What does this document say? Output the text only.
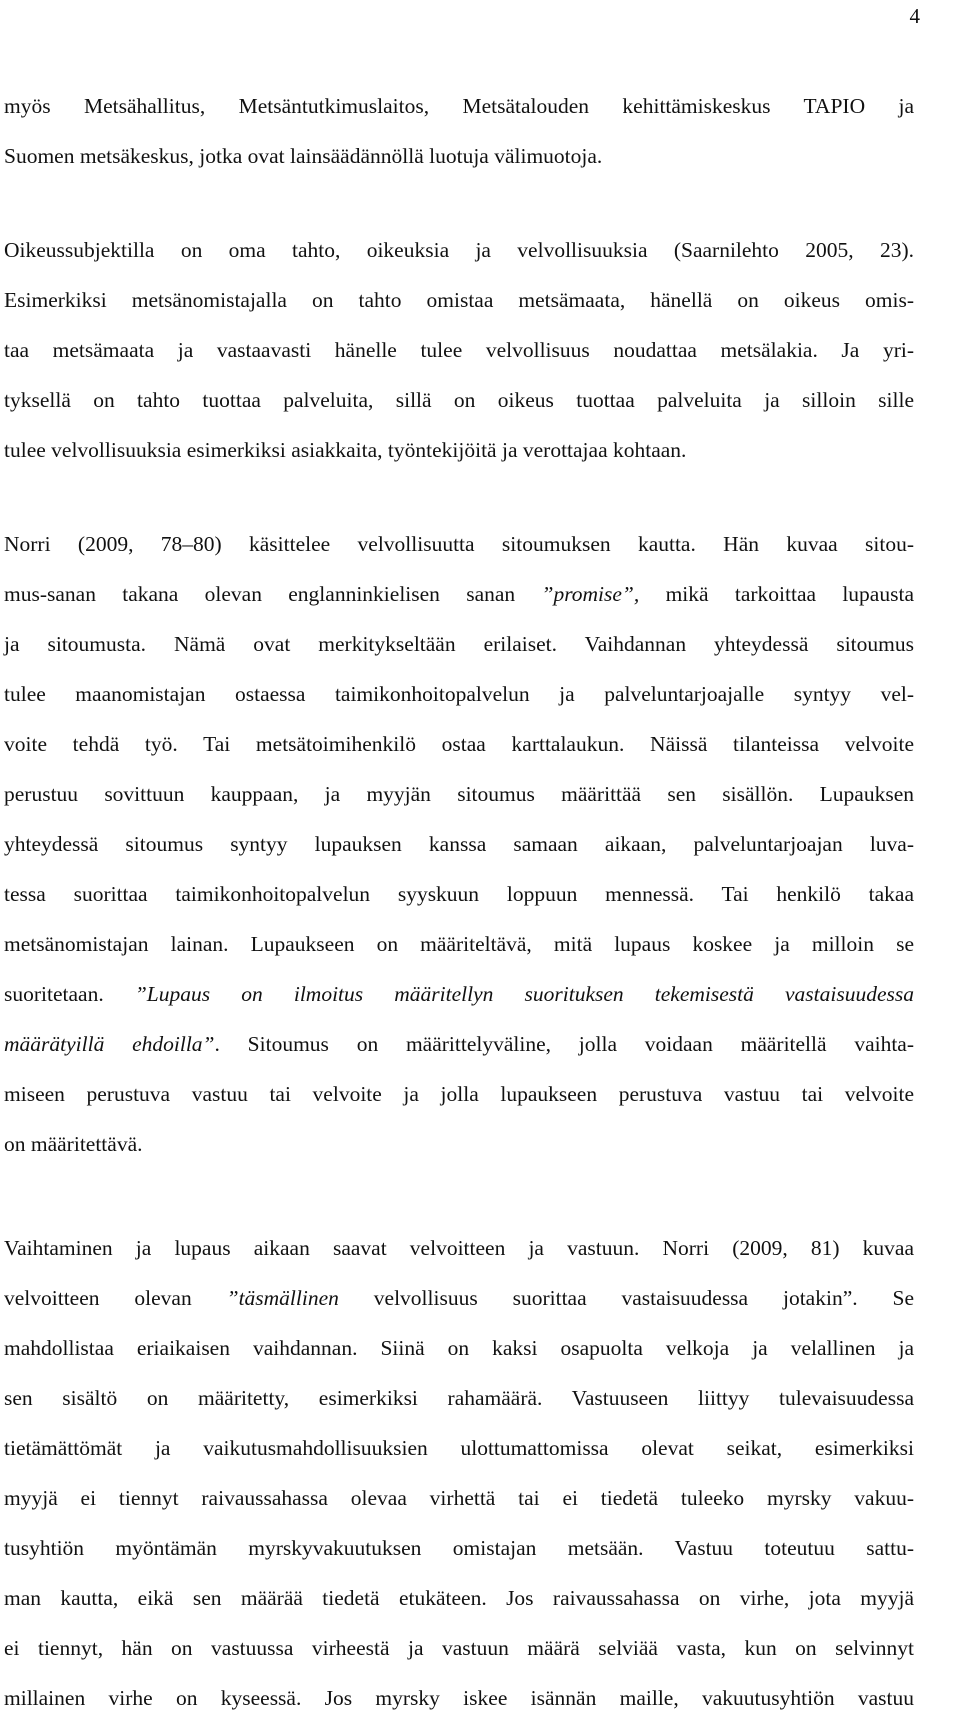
4
myös Metsähallitus, Metsäntutkimuslaitos, Metsätalouden kehittämiskeskus TAPIO ja
Suomen metsäkeskus, jotka ovat lainsäädännöllä luotuja välimuotoja.
Oikeussubjektilla on oma tahto, oikeuksia ja velvollisuuksia (Saarnilehto 2005, 23).
Esimerkiksi metsänomistajalla on tahto omistaa metsämaata, hänellä on oikeus omis-
taa metsämaata ja vastaavasti hänelle tulee velvollisuus noudattaa metsälakia. Ja yri-
tyksellä on tahto tuottaa palveluita, sillä on oikeus tuottaa palveluita ja silloin sille
tulee velvollisuuksia esimerkiksi asiakkaita, työntekijöitä ja verottajaa kohtaan.
Norri (2009, 78–80) käsittelee velvollisuutta sitoumuksen kautta. Hän kuvaa sitou-
mus-sanan takana olevan englanninkielisen sanan ”promise”, mikä tarkoittaa lupausta
ja sitoumusta. Nämä ovat merkitykseltään erilaiset. Vaihdannan yhteydessä sitoumus
tulee maanomistajan ostaessa taimikonhoitopalvelun ja palveluntarjoajalle syntyy vel-
voite tehdä työ. Tai metsätoimihenkilö ostaa karttalaukun. Näissä tilanteissa velvoite
perustuu sovittuun kauppaan, ja myyjän sitoumus määrittää sen sisällön. Lupauksen
yhteydessä sitoumus syntyy lupauksen kanssa samaan aikaan, palveluntarjoajan luva-
tessa suorittaa taimikonhoitopalvelun syyskuun loppuun mennessä. Tai henkilö takaa
metsänomistajan lainan. Lupaukseen on määriteltävä, mitä lupaus koskee ja milloin se
suoritetaan. ”Lupaus on ilmoitus määritellyn suorituksen tekemisestä vastaisuudessa
määrätyillä ehdoilla”. Sitoumus on määrittelyväline, jolla voidaan määritellä vaihta-
miseen perustuva vastuu tai velvoite ja jolla lupaukseen perustuva vastuu tai velvoite
on määritettävä.
Vaihtaminen ja lupaus aikaan saavat velvoitteen ja vastuun. Norri (2009, 81) kuvaa
velvoitteen olevan ”täsmällinen velvollisuus suorittaa vastaisuudessa jotakin”. Se
mahdollistaa eriaikaisen vaihdannan. Siinä on kaksi osapuolta velkoja ja velallinen ja
sen sisältö on määritetty, esimerkiksi rahamäärä. Vastuuseen liittyy tulevaisuudessa
tietämättömät ja vaikutusmahdollisuuksien ulottumattomissa olevat seikat, esimerkiksi
myyjä ei tiennyt raivaussahassa olevaa virhettä tai ei tiedetä tuleeko myrsky vakuu-
tusyhtiön myöntämän myrskyvakuutuksen omistajan metsään. Vastuu toteutuu sattu-
man kautta, eikä sen määrää tiedetä etukäteen. Jos raivaussahassa on virhe, jota myyjä
ei tiennyt, hän on vastuussa virheestä ja vastuun määrä selviää vasta, kun on selvinnyt
millainen virhe on kyseessä. Jos myrsky iskee isännän maille, vakuutusyhtiön vastuu
